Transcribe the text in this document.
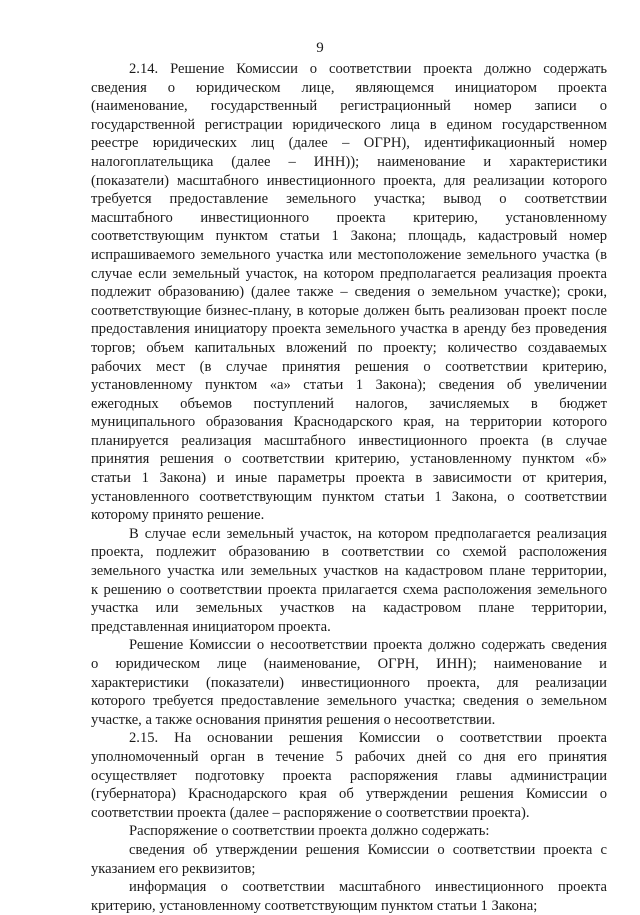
9
2.14. Решение Комиссии о соответствии проекта должно содержать
сведения о юридическом лице, являющемся инициатором проекта
(наименование, государственный регистрационный номер записи о
государственной регистрации юридического лица в едином государственном
реестре юридических лиц (далее – ОГРН), идентификационный номер
налогоплательщика (далее – ИНН)); наименование и характеристики
(показатели) масштабного инвестиционного проекта, для реализации которого
требуется предоставление земельного участка; вывод о соответствии
масштабного инвестиционного проекта критерию, установленному
соответствующим пунктом статьи 1 Закона; площадь, кадастровый номер
испрашиваемого земельного участка или местоположение земельного участка (в
случае если земельный участок, на котором предполагается реализация проекта
подлежит образованию) (далее также – сведения о земельном участке); сроки,
соответствующие бизнес-плану, в которые должен быть реализован проект после
предоставления инициатору проекта земельного участка в аренду без проведения
торгов; объем капитальных вложений по проекту; количество создаваемых
рабочих мест (в случае принятия решения о соответствии критерию,
установленному пунктом «а» статьи 1 Закона); сведения об увеличении
ежегодных объемов поступлений налогов, зачисляемых в бюджет
муниципального образования Краснодарского края, на территории которого
планируется реализация масштабного инвестиционного проекта (в случае
принятия решения о соответствии критерию, установленному пунктом «б»
статьи 1 Закона) и иные параметры проекта в зависимости от критерия,
установленного соответствующим пунктом статьи 1 Закона, о соответствии
которому принято решение.
В случае если земельный участок, на котором предполагается реализация
проекта, подлежит образованию в соответствии со схемой расположения
земельного участка или земельных участков на кадастровом плане территории,
к решению о соответствии проекта прилагается схема расположения земельного
участка или земельных участков на кадастровом плане территории,
представленная инициатором проекта.
Решение Комиссии о несоответствии проекта должно содержать сведения
о юридическом лице (наименование, ОГРН, ИНН); наименование и
характеристики (показатели) инвестиционного проекта, для реализации
которого требуется предоставление земельного участка; сведения о земельном
участке, а также основания принятия решения о несоответствии.
2.15. На основании решения Комиссии о соответствии проекта
уполномоченный орган в течение 5 рабочих дней со дня его принятия
осуществляет подготовку проекта распоряжения главы администрации
(губернатора) Краснодарского края об утверждении решения Комиссии о
соответствии проекта (далее – распоряжение о соответствии проекта).
Распоряжение о соответствии проекта должно содержать:
сведения об утверждении решения Комиссии о соответствии проекта с
указанием его реквизитов;
информация о соответствии масштабного инвестиционного проекта
критерию, установленному соответствующим пунктом статьи 1 Закона;
